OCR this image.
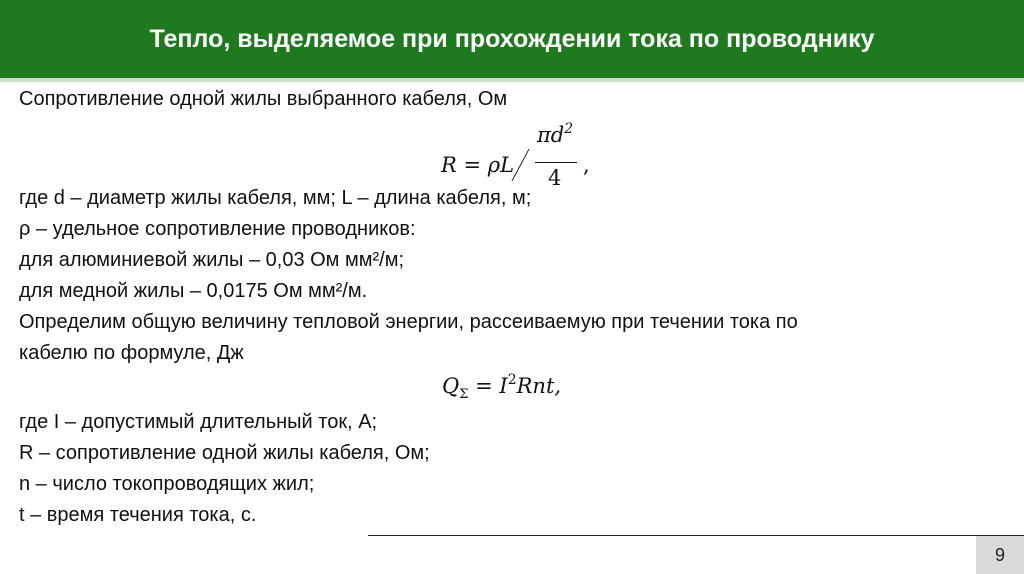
Тепло, выделяемое при прохождении тока по проводнику
Сопротивление одной жилы выбранного кабеля, Ом
R = ρL
$\pi d^2$
4
,
где d – диаметр жилы кабеля, мм; L – длина кабеля, м;
ρ – удельное сопротивление проводников:
для алюминиевой жилы – 0,03 Ом мм²/м;
для медной жилы – 0,0175 Ом мм²/м.
Определим общую величину тепловой энергии, рассеиваемую при течении тока по
кабелю по формуле, Дж
$Q_\Sigma = I^2Rnt$,
где I – допустимый длительный ток, А;
R – сопротивление одной жилы кабеля, Ом;
n – число токопроводящих жил;
t – время течения тока, с.
9
